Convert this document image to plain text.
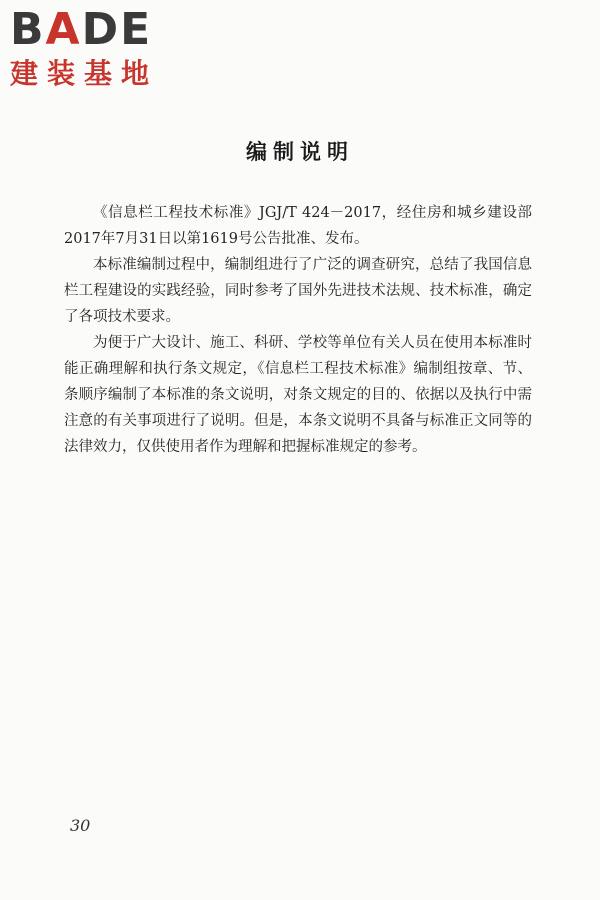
BADE
建装基地
编制说明

《信息栏工程技术标准》JGJ/T 424－2017，经住房和城乡建设部2017年7月31日以第1619号公告批准、发布。

本标准编制过程中，编制组进行了广泛的调查研究，总结了我国信息栏工程建设的实践经验，同时参考了国外先进技术法规、技术标准，确定了各项技术要求。

为便于广大设计、施工、科研、学校等单位有关人员在使用本标准时能正确理解和执行条文规定，《信息栏工程技术标准》编制组按章、节、条顺序编制了本标准的条文说明，对条文规定的目的、依据以及执行中需注意的有关事项进行了说明。但是，本条文说明不具备与标准正文同等的法律效力，仅供使用者作为理解和把握标准规定的参考。

30
